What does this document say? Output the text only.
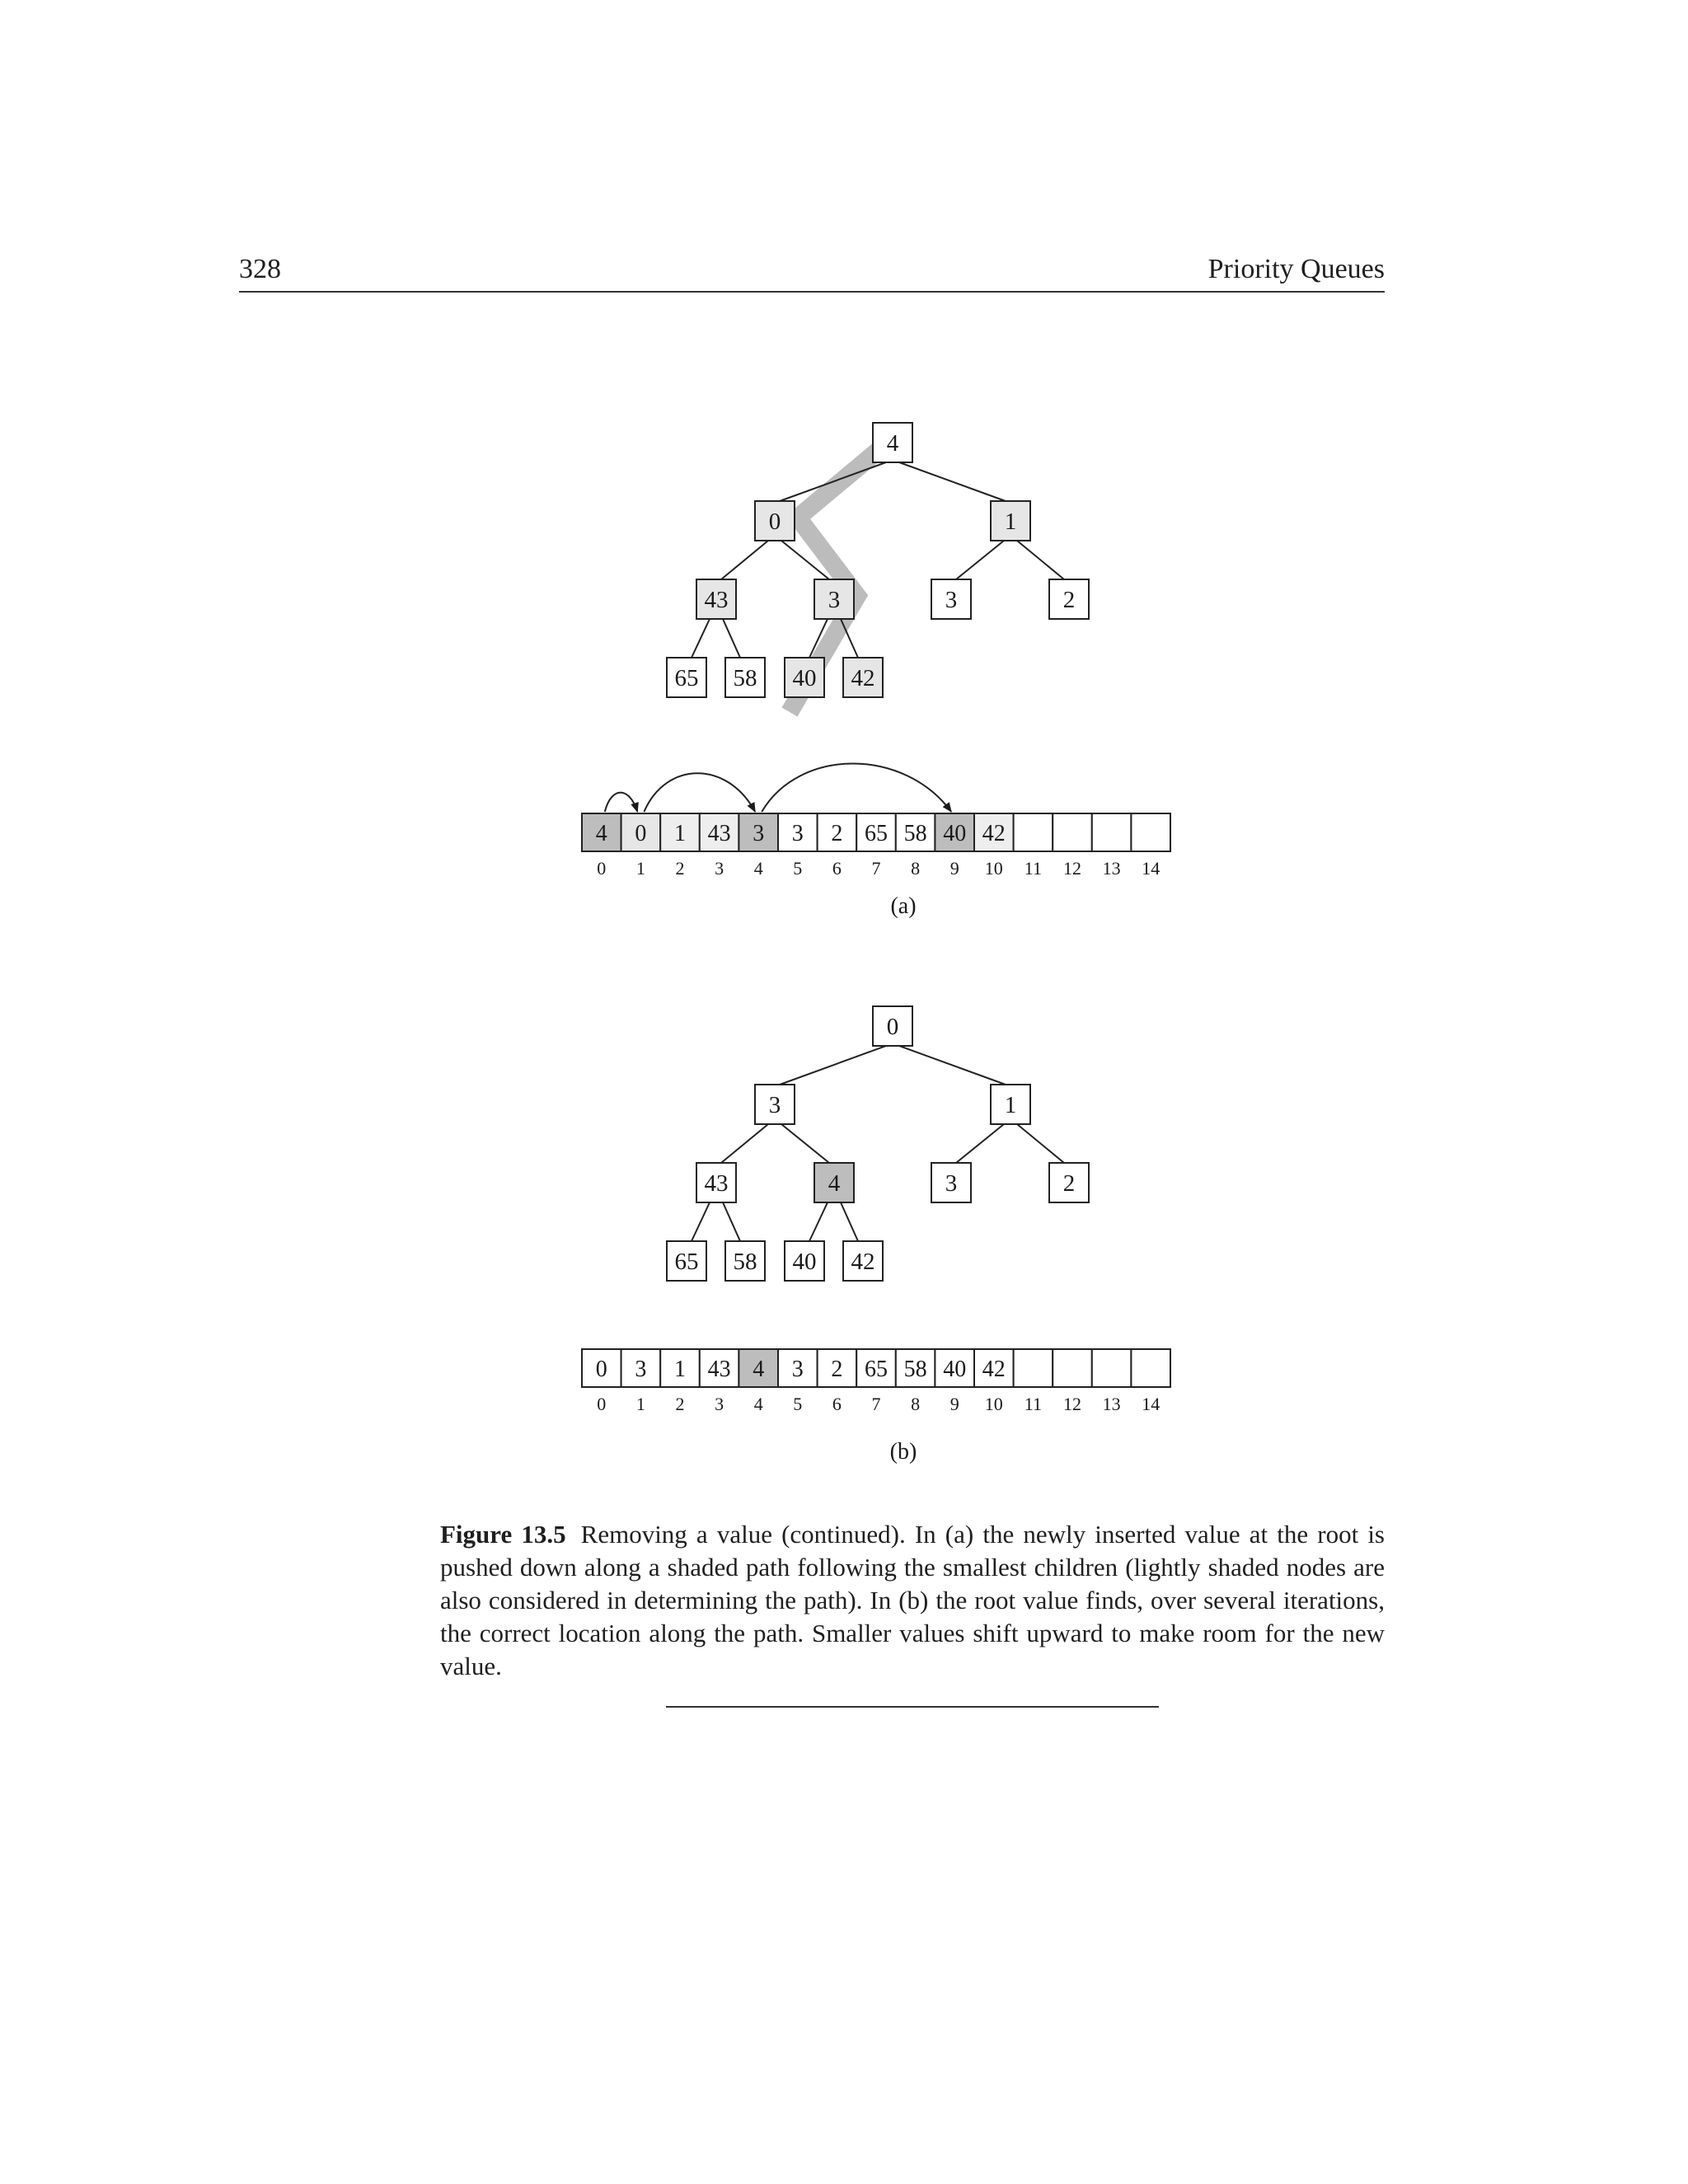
328	Priority Queues
4
0	1
43	3	3	2
65 58 40 42
4 0 1 43 3 3 2 65 58 40 42
0 1 2 3 4 5 6 7 8 9 10 11 12 13 14
(a)
0
3	1
43	4	3	2
65 58 40 42
0 3 1 43 4 3 2 65 58 40 42
0 1 2 3 4 5 6 7 8 9 10 11 12 13 14
(b)
Figure 13.5 Removing a value (continued). In (a) the newly inserted value at the root is pushed down along a shaded path following the smallest children (lightly shaded nodes are also considered in determining the path). In (b) the root value finds, over several iterations, the correct location along the path. Smaller values shift upward to make room for the new value.
